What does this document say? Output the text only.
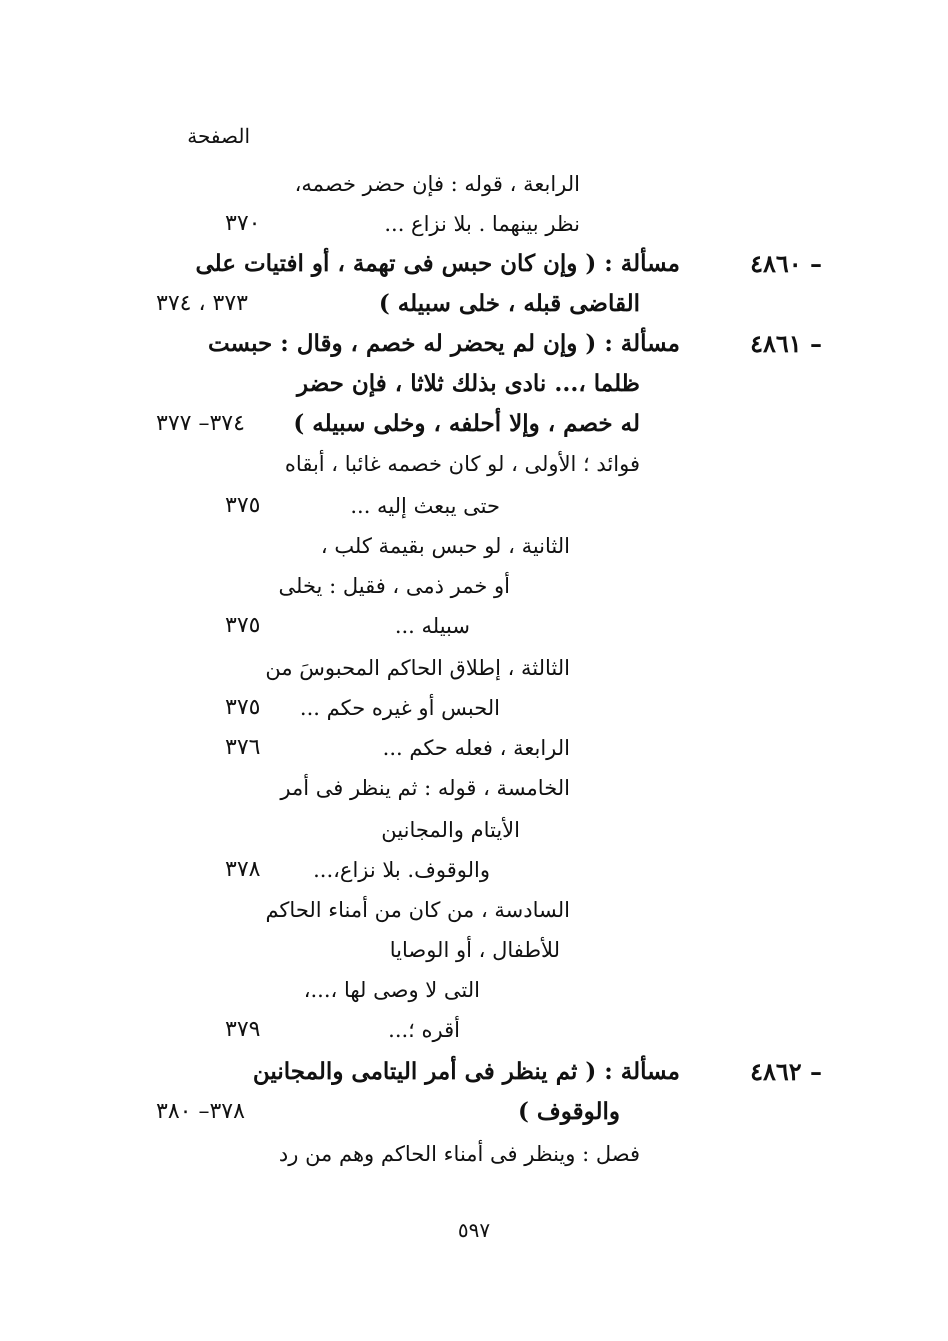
الصفحة
الرابعة ، قوله : فإن حضر خصمه،
نظر بينهما . بلا نزاع ...
٣٧٠
٤٨٦٠ –
مسألة : ( وإن كان حبس فى تهمة ، أو افتيات على
القاضى قبله ، خلى سبيله )
٣٧٣ ، ٣٧٤
٤٨٦١ –
مسألة : ( وإن لم يحضر له خصم ، وقال : حبست
ظلما ،... نادى بذلك ثلاثا ، فإن حضر
له خصم ، وإلا أحلفه ، وخلى سبيله )
٣٧٤– ٣٧٧
فوائد ؛ الأولى ، لو كان خصمه غائبا ، أبقاه
حتى يبعث إليه ...
٣٧٥
الثانية ، لو حبس بقيمة كلب ،
أو خمر ذمى ، فقيل : يخلى
سبيله ...
٣٧٥
الثالثة ، إطلاق الحاكم المحبوسَ من
الحبس أو غيره حكم ...
٣٧٥
الرابعة ، فعله حكم ...
٣٧٦
الخامسة ، قوله : ثم ينظر فى أمر
الأيتام والمجانين
والوقوف. بلا نزاع،...
٣٧٨
السادسة ، من كان من أمناء الحاكم
للأطفال ، أو الوصايا
التى لا وصى لها ،...،
أقره ؛...
٣٧٩
٤٨٦٢ –
مسألة : ( ثم ينظر فى أمر اليتامى والمجانين
والوقوف )
٣٧٨– ٣٨٠
فصل : وينظر فى أمناء الحاكم وهم من رد
٥٩٧
